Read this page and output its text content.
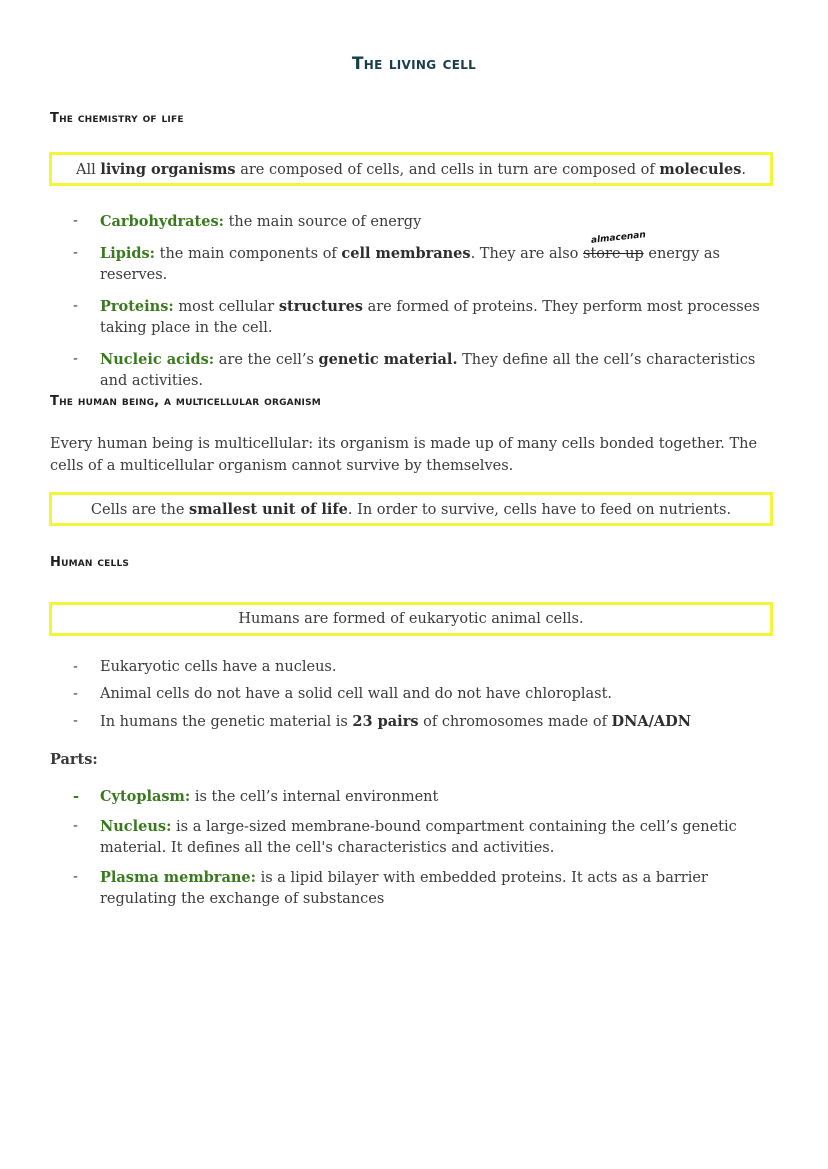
The living cell
The chemistry of life
All living organisms are composed of cells, and cells in turn are composed of molecules.
- Carbohydrates: the main source of energy
- Lipids: the main components of cell membranes. They are also
almacenan
store up energy as reserves.
- Proteins: most cellular structures are formed of proteins. They perform most processes taking place in the cell.
- Nucleic acids: are the cell’s genetic material. They define all the cell’s characteristics and activities.
The human being, a multicellular organism
Every human being is multicellular: its organism is made up of many cells bonded together. The cells of a multicellular organism cannot survive by themselves.
Cells are the smallest unit of life. In order to survive, cells have to feed on nutrients.
Human cells
Humans are formed of eukaryotic animal cells.
- Eukaryotic cells have a nucleus.
- Animal cells do not have a solid cell wall and do not have chloroplast.
- In humans the genetic material is 23 pairs of chromosomes made of DNA/ADN
Parts:
- Cytoplasm: is the cell’s internal environment
- Nucleus: is a large-sized membrane-bound compartment containing the cell’s genetic material. It defines all the cell's characteristics and activities.
- Plasma membrane: is a lipid bilayer with embedded proteins. It acts as a barrier regulating the exchange of substances
